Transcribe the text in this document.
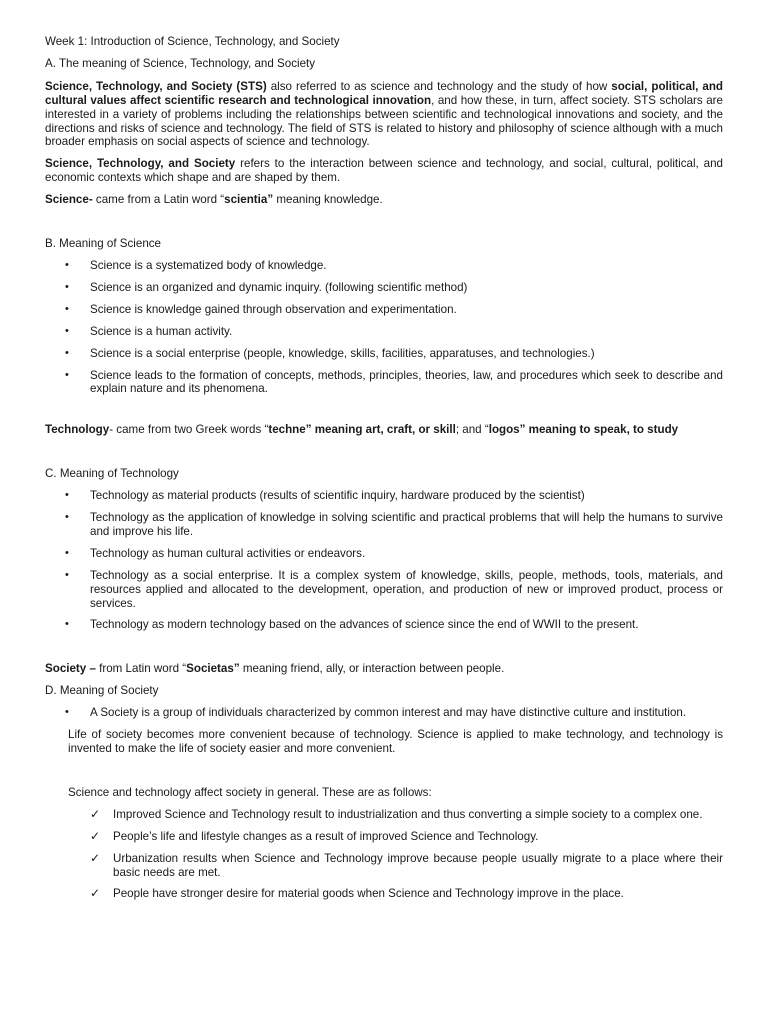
Week 1: Introduction of Science, Technology, and Society

A. The meaning of Science, Technology, and Society

Science, Technology, and Society (STS) also referred to as science and technology and the study of how social, political, and cultural values affect scientific research and technological innovation, and how these, in turn, affect society. STS scholars are interested in a variety of problems including the relationships between scientific and technological innovations and society, and the directions and risks of science and technology. The field of STS is related to history and philosophy of science although with a much broader emphasis on social aspects of science and technology.

Science, Technology, and Society refers to the interaction between science and technology, and social, cultural, political, and economic contexts which shape and are shaped by them.

Science- came from a Latin word “scientia” meaning knowledge.

B. Meaning of Science

• Science is a systematized body of knowledge.
• Science is an organized and dynamic inquiry. (following scientific method)
• Science is knowledge gained through observation and experimentation.
• Science is a human activity.
• Science is a social enterprise (people, knowledge, skills, facilities, apparatuses, and technologies.)
• Science leads to the formation of concepts, methods, principles, theories, law, and procedures which seek to describe and explain nature and its phenomena.

Technology- came from two Greek words “techne” meaning art, craft, or skill; and “logos” meaning to speak, to study

C. Meaning of Technology

• Technology as material products (results of scientific inquiry, hardware produced by the scientist)
• Technology as the application of knowledge in solving scientific and practical problems that will help the humans to survive and improve his life.
• Technology as human cultural activities or endeavors.
• Technology as a social enterprise. It is a complex system of knowledge, skills, people, methods, tools, materials, and resources applied and allocated to the development, operation, and production of new or improved product, process or services.
• Technology as modern technology based on the advances of science since the end of WWII to the present.

Society – from Latin word “Societas” meaning friend, ally, or interaction between people.

D. Meaning of Society

• A Society is a group of individuals characterized by common interest and may have distinctive culture and institution.

Life of society becomes more convenient because of technology. Science is applied to make technology, and technology is invented to make the life of society easier and more convenient.

Science and technology affect society in general. These are as follows:

✓ Improved Science and Technology result to industrialization and thus converting a simple society to a complex one.
✓ People’s life and lifestyle changes as a result of improved Science and Technology.
✓ Urbanization results when Science and Technology improve because people usually migrate to a place where their basic needs are met.
✓ People have stronger desire for material goods when Science and Technology improve in the place.
